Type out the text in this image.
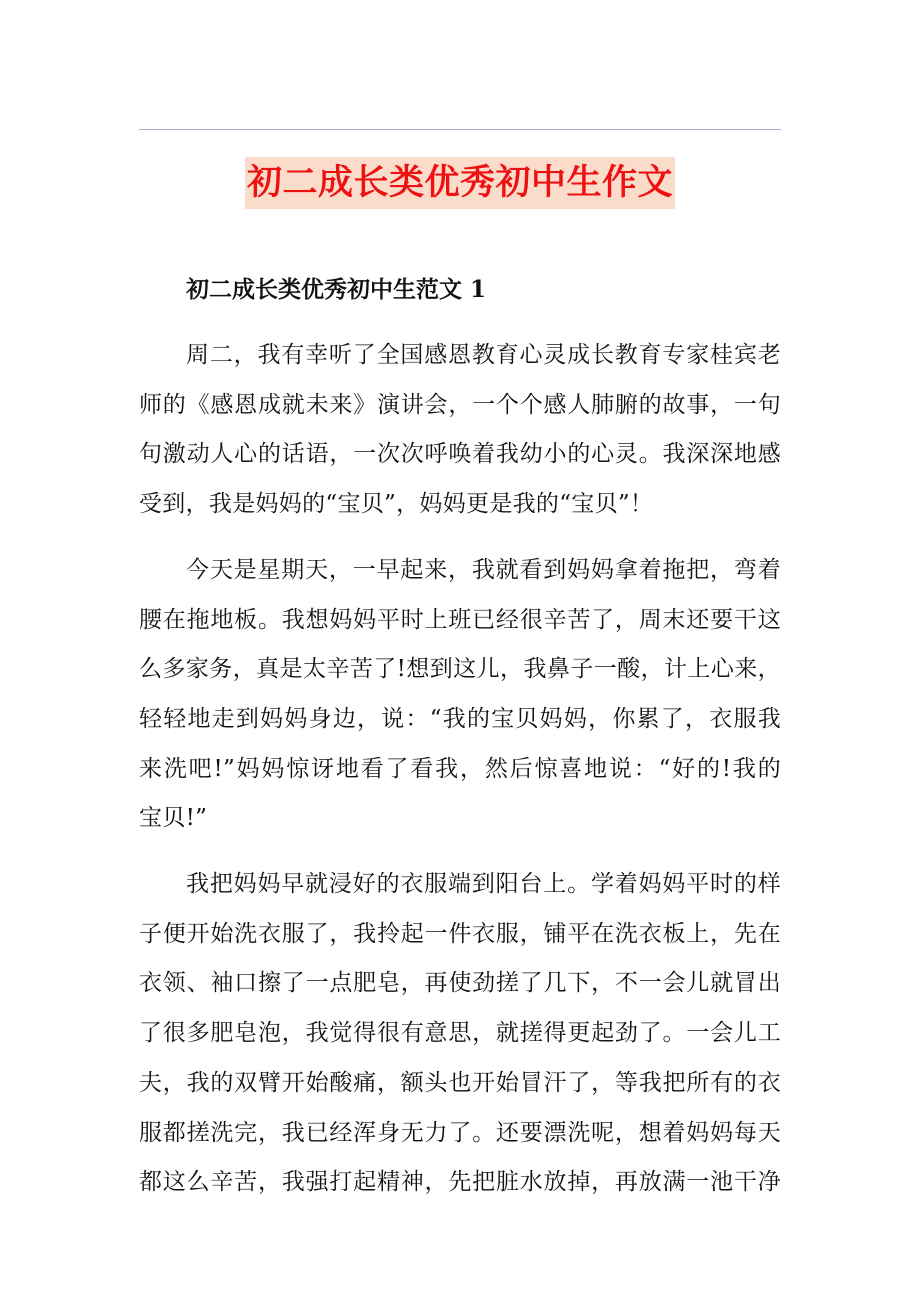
初二成长类优秀初中生作文
初二成长类优秀初中生范文 1
周二，我有幸听了全国感恩教育心灵成长教育专家桂宾老
师的《感恩成就未来》演讲会，一个个感人肺腑的故事，一句
句激动人心的话语，一次次呼唤着我幼小的心灵。我深深地感
受到，我是妈妈的“宝贝”，妈妈更是我的“宝贝”！
今天是星期天，一早起来，我就看到妈妈拿着拖把，弯着
腰在拖地板。我想妈妈平时上班已经很辛苦了，周末还要干这
么多家务，真是太辛苦了!想到这儿，我鼻子一酸，计上心来，
轻轻地走到妈妈身边，说：“我的宝贝妈妈，你累了，衣服我
来洗吧!”妈妈惊讶地看了看我，然后惊喜地说：“好的!我的
宝贝!”
我把妈妈早就浸好的衣服端到阳台上。学着妈妈平时的样
子便开始洗衣服了，我拎起一件衣服，铺平在洗衣板上，先在
衣领、袖口擦了一点肥皂，再使劲搓了几下，不一会儿就冒出
了很多肥皂泡，我觉得很有意思，就搓得更起劲了。一会儿工
夫，我的双臂开始酸痛，额头也开始冒汗了，等我把所有的衣
服都搓洗完，我已经浑身无力了。还要漂洗呢，想着妈妈每天
都这么辛苦，我强打起精神，先把脏水放掉，再放满一池干净
